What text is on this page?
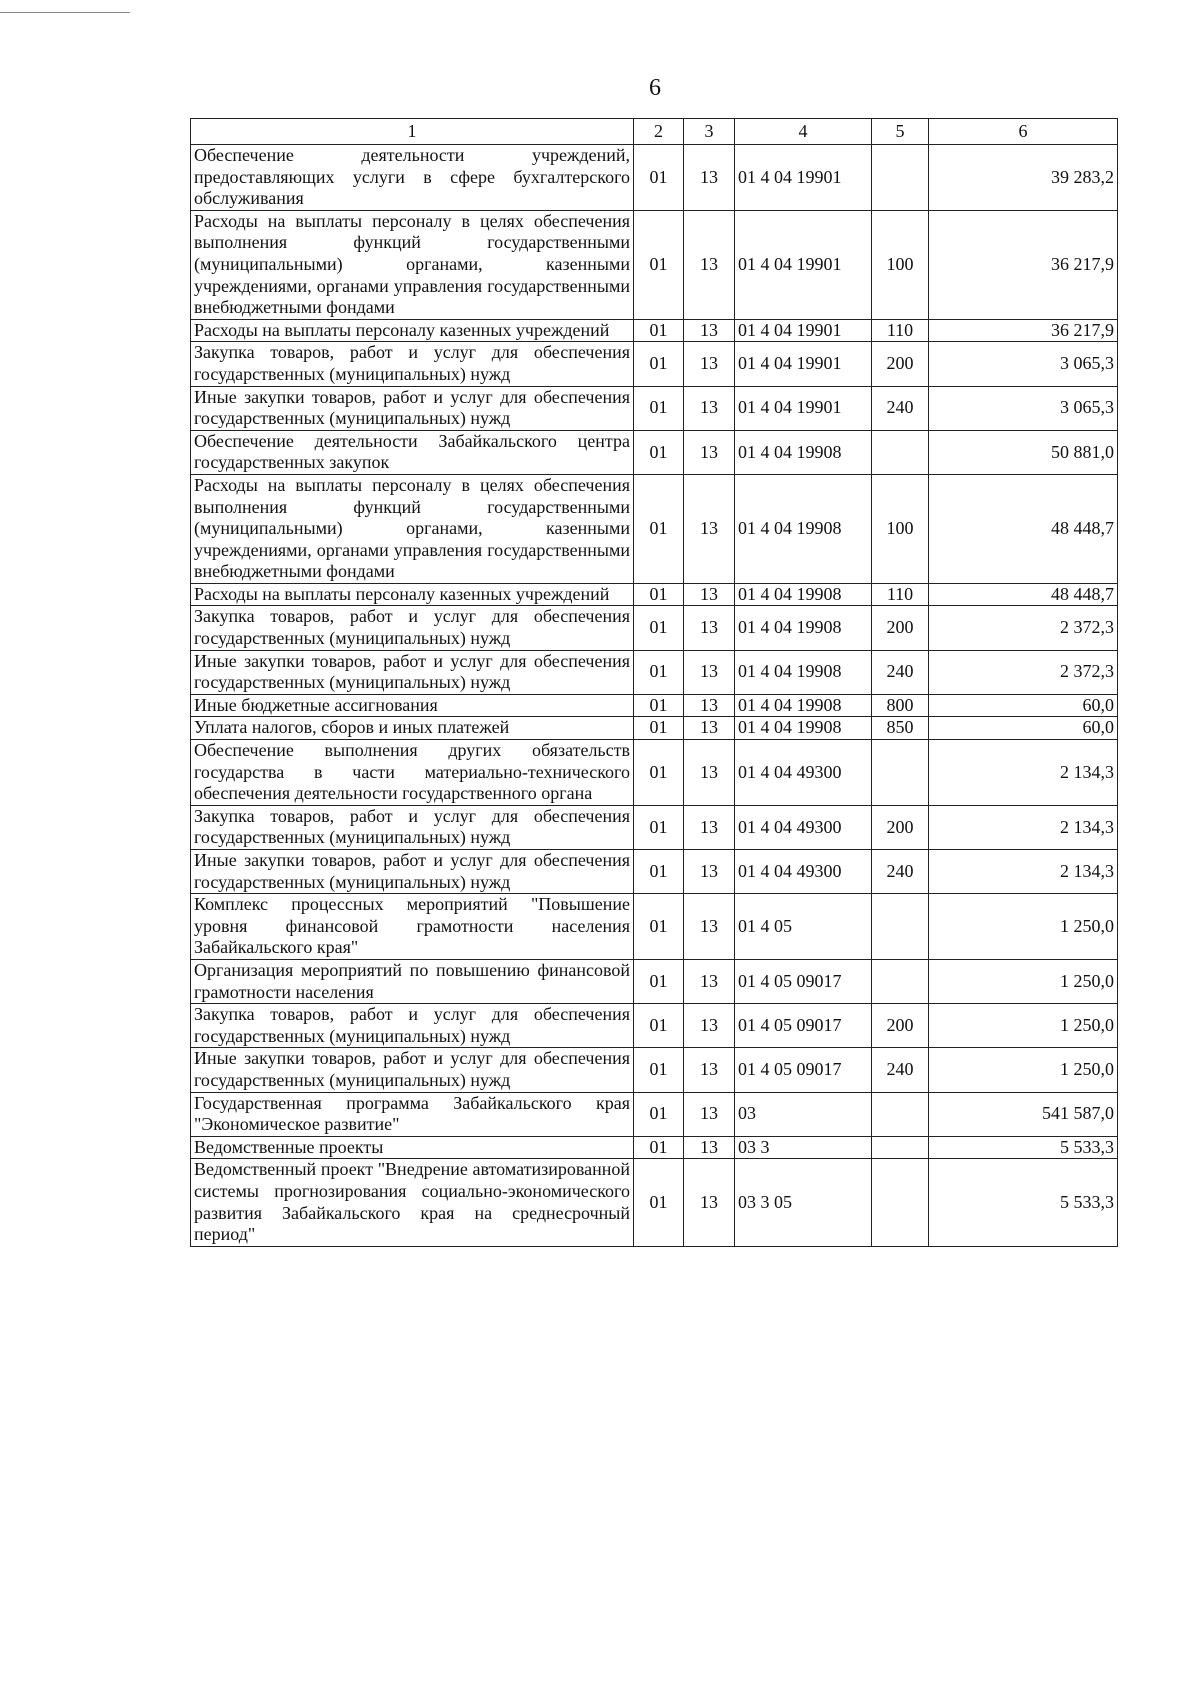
6
1	2	3	4	5	6
Обеспечение деятельности учреждений, предоставляющих услуги в сфере бухгалтерского обслуживания	01	13	01 4 04 19901		39 283,2
Расходы на выплаты персоналу в целях обеспечения выполнения функций государственными (муниципальными) органами, казенными учреждениями, органами управления государственными внебюджетными фондами	01	13	01 4 04 19901	100	36 217,9
Расходы на выплаты персоналу казенных учреждений	01	13	01 4 04 19901	110	36 217,9
Закупка товаров, работ и услуг для обеспечения государственных (муниципальных) нужд	01	13	01 4 04 19901	200	3 065,3
Иные закупки товаров, работ и услуг для обеспечения государственных (муниципальных) нужд	01	13	01 4 04 19901	240	3 065,3
Обеспечение деятельности Забайкальского центра государственных закупок	01	13	01 4 04 19908		50 881,0
Расходы на выплаты персоналу в целях обеспечения выполнения функций государственными (муниципальными) органами, казенными учреждениями, органами управления государственными внебюджетными фондами	01	13	01 4 04 19908	100	48 448,7
Расходы на выплаты персоналу казенных учреждений	01	13	01 4 04 19908	110	48 448,7
Закупка товаров, работ и услуг для обеспечения государственных (муниципальных) нужд	01	13	01 4 04 19908	200	2 372,3
Иные закупки товаров, работ и услуг для обеспечения государственных (муниципальных) нужд	01	13	01 4 04 19908	240	2 372,3
Иные бюджетные ассигнования	01	13	01 4 04 19908	800	60,0
Уплата налогов, сборов и иных платежей	01	13	01 4 04 19908	850	60,0
Обеспечение выполнения других обязательств государства в части материально-технического обеспечения деятельности государственного органа	01	13	01 4 04 49300		2 134,3
Закупка товаров, работ и услуг для обеспечения государственных (муниципальных) нужд	01	13	01 4 04 49300	200	2 134,3
Иные закупки товаров, работ и услуг для обеспечения государственных (муниципальных) нужд	01	13	01 4 04 49300	240	2 134,3
Комплекс процессных мероприятий "Повышение уровня финансовой грамотности населения Забайкальского края"	01	13	01 4 05		1 250,0
Организация мероприятий по повышению финансовой грамотности населения	01	13	01 4 05 09017		1 250,0
Закупка товаров, работ и услуг для обеспечения государственных (муниципальных) нужд	01	13	01 4 05 09017	200	1 250,0
Иные закупки товаров, работ и услуг для обеспечения государственных (муниципальных) нужд	01	13	01 4 05 09017	240	1 250,0
Государственная программа Забайкальского края "Экономическое развитие"	01	13	03		541 587,0
Ведомственные проекты	01	13	03 3		5 533,3
Ведомственный проект "Внедрение автоматизированной системы прогнозирования социально-экономического развития Забайкальского края на среднесрочный период"	01	13	03 3 05		5 533,3
